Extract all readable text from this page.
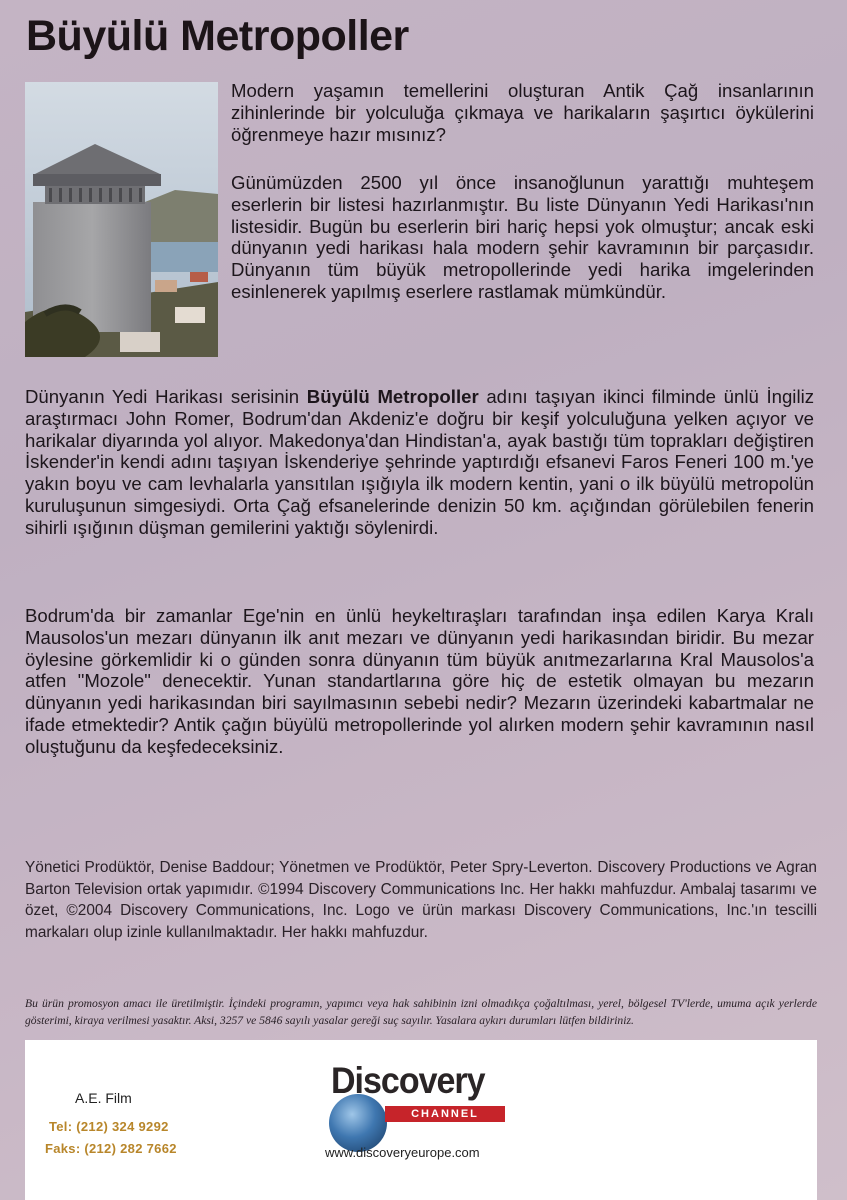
Büyülü Metropoller

Modern yaşamın temellerini oluşturan Antik Çağ insanlarının zihinlerinde bir yolculuğa çıkmaya ve harikaların şaşırtıcı öykülerini öğrenmeye hazır mısınız?

Günümüzden 2500 yıl önce insanoğlunun yarattığı muhteşem eserlerin bir listesi hazırlanmıştır. Bu liste Dünyanın Yedi Harikası'nın listesidir. Bugün bu eserlerin biri hariç hepsi yok olmuştur; ancak eski dünyanın yedi harikası hala modern şehir kavramının bir parçasıdır. Dünyanın tüm büyük metropollerinde yedi harika imgelerinden esinlenerek yapılmış eserlere rastlamak mümkündür.

Dünyanın Yedi Harikası serisinin Büyülü Metropoller adını taşıyan ikinci filminde ünlü İngiliz araştırmacı John Romer, Bodrum'dan Akdeniz'e doğru bir keşif yolculuğuna yelken açıyor ve harikalar diyarında yol alıyor. Makedonya'dan Hindistan'a, ayak bastığı tüm toprakları değiştiren İskender'in kendi adını taşıyan İskenderiye şehrinde yaptırdığı efsanevi Faros Feneri 100 m.'ye yakın boyu ve cam levhalarla yansıtılan ışığıyla ilk modern kentin, yani o ilk büyülü metropolün kuruluşunun simgesiydi. Orta Çağ efsanelerinde denizin 50 km. açığından görülebilen fenerin sihirli ışığının düşman gemilerini yaktığı söylenirdi.

Bodrum'da bir zamanlar Ege'nin en ünlü heykeltıraşları tarafından inşa edilen Karya Kralı Mausolos'un mezarı dünyanın ilk anıt mezarı ve dünyanın yedi harikasından biridir. Bu mezar öylesine görkemlidir ki o günden sonra dünyanın tüm büyük anıtmezarlarına Kral Mausolos'a atfen "Mozole" denecektir. Yunan standartlarına göre hiç de estetik olmayan bu mezarın dünyanın yedi harikasından biri sayılmasının sebebi nedir? Mezarın üzerindeki kabartmalar ne ifade etmektedir? Antik çağın büyülü metropollerinde yol alırken modern şehir kavramının nasıl oluştuğunu da keşfedeceksiniz.

Yönetici Prodüktör, Denise Baddour; Yönetmen ve Prodüktör, Peter Spry-Leverton. Discovery Productions ve Agran Barton Television ortak yapımıdır. ©1994 Discovery Communications Inc. Her hakkı mahfuzdur. Ambalaj tasarımı ve özet, ©2004 Discovery Communications, Inc. Logo ve ürün markası Discovery Communications, Inc.'ın tescilli markaları olup izinle kullanılmaktadır. Her hakkı mahfuzdur.

Bu ürün promosyon amacı ile üretilmiştir. İçindeki programın, yapımcı veya hak sahibinin izni olmadıkça çoğaltılması, yerel, bölgesel TV'lerde, umuma açık yerlerde gösterimi, kiraya verilmesi yasaktır. Aksi, 3257 ve 5846 sayılı yasalar gereği suç sayılır. Yasalara aykırı durumları lütfen bildiriniz.

A.E. Film
Tel: (212) 324 9292
Faks: (212) 282 7662
Discovery
CHANNEL
www.discoveryeurope.com
